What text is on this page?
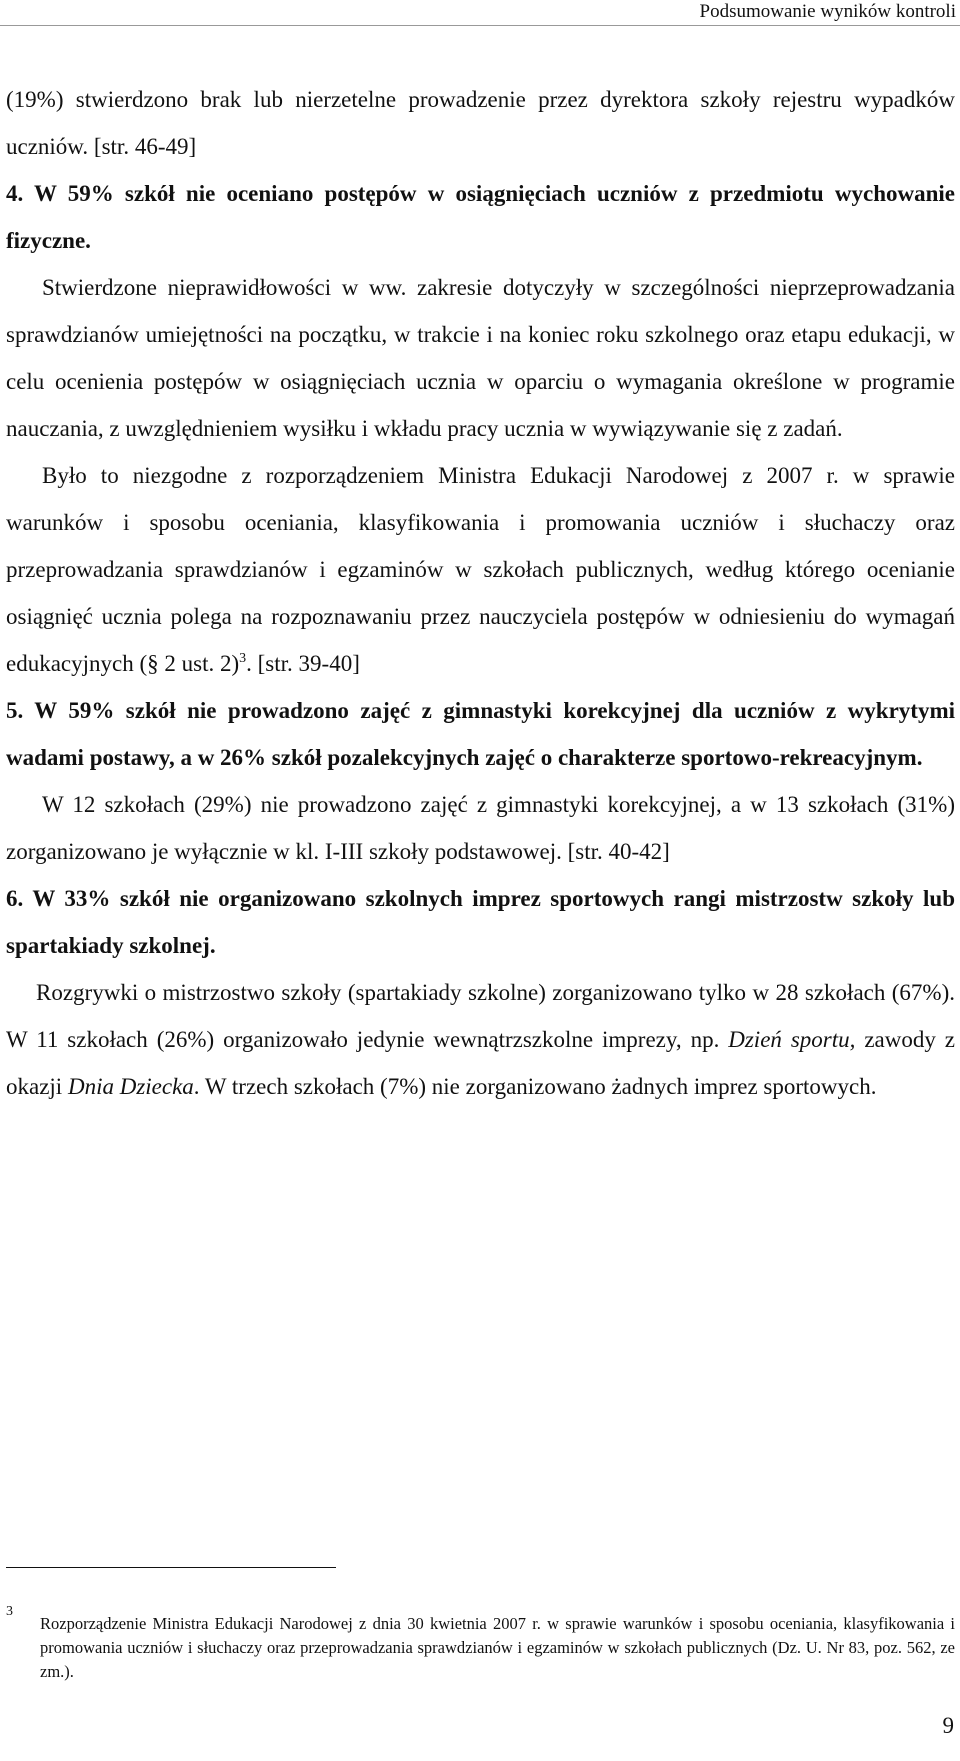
Podsumowanie wyników kontroli

(19%) stwierdzono brak lub nierzetelne prowadzenie przez dyrektora szkoły rejestru wypadków uczniów. [str. 46-49]

4. W 59% szkół nie oceniano postępów w osiągnięciach uczniów z przedmiotu wychowanie fizyczne.

Stwierdzone nieprawidłowości w ww. zakresie dotyczyły w szczególności nieprzeprowadzania sprawdzianów umiejętności na początku, w trakcie i na koniec roku szkolnego oraz etapu edukacji, w celu ocenienia postępów w osiągnięciach ucznia w oparciu o wymagania określone w programie nauczania, z uwzględnieniem wysiłku i wkładu pracy ucznia w wywiązywanie się z zadań.

Było to niezgodne z rozporządzeniem Ministra Edukacji Narodowej z 2007 r. w sprawie warunków i sposobu oceniania, klasyfikowania i promowania uczniów i słuchaczy oraz przeprowadzania sprawdzianów i egzaminów w szkołach publicznych, według którego ocenianie osiągnięć ucznia polega na rozpoznawaniu przez nauczyciela postępów w odniesieniu do wymagań edukacyjnych (§ 2 ust. 2)$^3$. [str. 39-40]

5. W 59% szkół nie prowadzono zajęć z gimnastyki korekcyjnej dla uczniów z wykrytymi wadami postawy, a w 26% szkół pozalekcyjnych zajęć o charakterze sportowo-rekreacyjnym.

W 12 szkołach (29%) nie prowadzono zajęć z gimnastyki korekcyjnej, a w 13 szkołach (31%) zorganizowano je wyłącznie w kl. I-III szkoły podstawowej. [str. 40-42]

6. W 33% szkół nie organizowano szkolnych imprez sportowych rangi mistrzostw szkoły lub spartakiady szkolnej.

Rozgrywki o mistrzostwo szkoły (spartakiady szkolne) zorganizowano tylko w 28 szkołach (67%). W 11 szkołach (26%) organizowało jedynie wewnątrzszkolne imprezy, np. Dzień sportu, zawody z okazji Dnia Dziecka. W trzech szkołach (7%) nie zorganizowano żadnych imprez sportowych.

3
Rozporządzenie Ministra Edukacji Narodowej z dnia 30 kwietnia 2007 r. w sprawie warunków i sposobu oceniania, klasyfikowania i promowania uczniów i słuchaczy oraz przeprowadzania sprawdzianów i egzaminów w szkołach publicznych (Dz. U. Nr 83, poz. 562, ze zm.).
9
